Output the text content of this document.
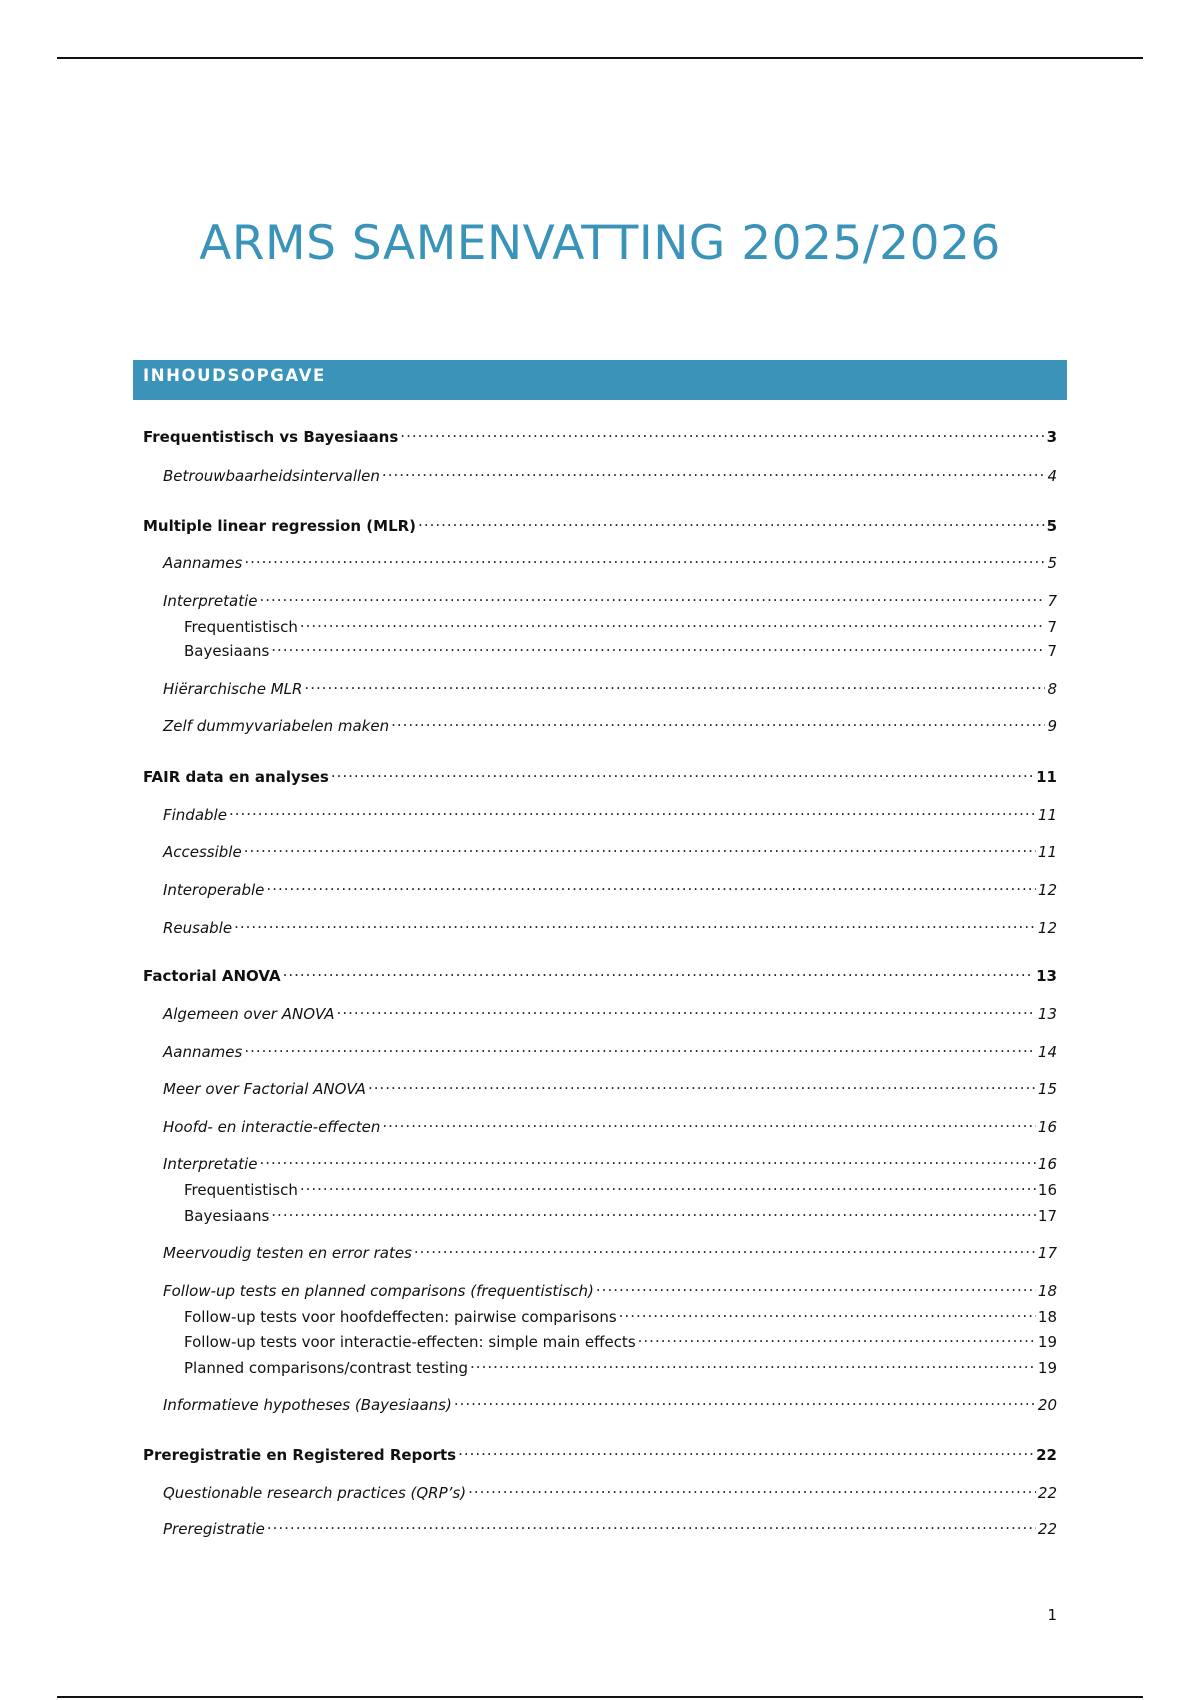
ARMS SAMENVATTING 2025/2026
INHOUDSOPGAVE
Frequentistisch vs Bayesiaans .....	3
Betrouwbaarheidsintervallen .....	4
Multiple linear regression (MLR) .....	5
Aannames .....	5
Interpretatie .....	7
Frequentistisch .....	7
Bayesiaans .....	7
Hiërarchische MLR .....	8
Zelf dummyvariabelen maken .....	9
FAIR data en analyses .....	11
Findable .....	11
Accessible .....	11
Interoperable .....	12
Reusable .....	12
Factorial ANOVA .....	13
Algemeen over ANOVA .....	13
Aannames .....	14
Meer over Factorial ANOVA .....	15
Hoofd- en interactie-effecten .....	16
Interpretatie .....	16
Frequentistisch .....	16
Bayesiaans .....	17
Meervoudig testen en error rates .....	17
Follow-up tests en planned comparisons (frequentistisch) .....	18
Follow-up tests voor hoofdeffecten: pairwise comparisons .....	18
Follow-up tests voor interactie-effecten: simple main effects .....	19
Planned comparisons/contrast testing .....	19
Informatieve hypotheses (Bayesiaans) .....	20
Preregistratie en Registered Reports .....	22
Questionable research practices (QRP’s) .....	22
Preregistratie .....	22
1
